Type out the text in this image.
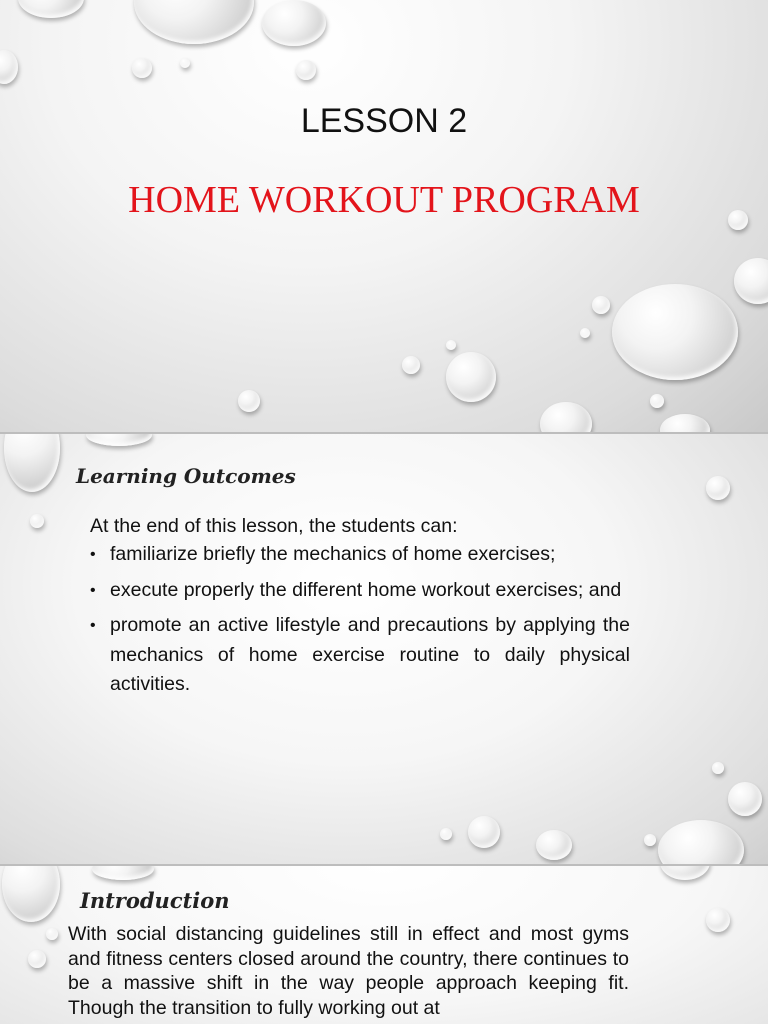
LESSON 2
HOME WORKOUT PROGRAM
Learning Outcomes
At the end of this lesson, the students can:
• familiarize briefly the mechanics of home exercises;
• execute properly the different home workout exercises; and
• promote an active lifestyle and precautions by applying the mechanics of home exercise routine to daily physical activities.
Introduction
With social distancing guidelines still in effect and most gyms and fitness centers closed around the country, there continues to be a massive shift in the way people approach keeping fit. Though the transition to fully working out at
